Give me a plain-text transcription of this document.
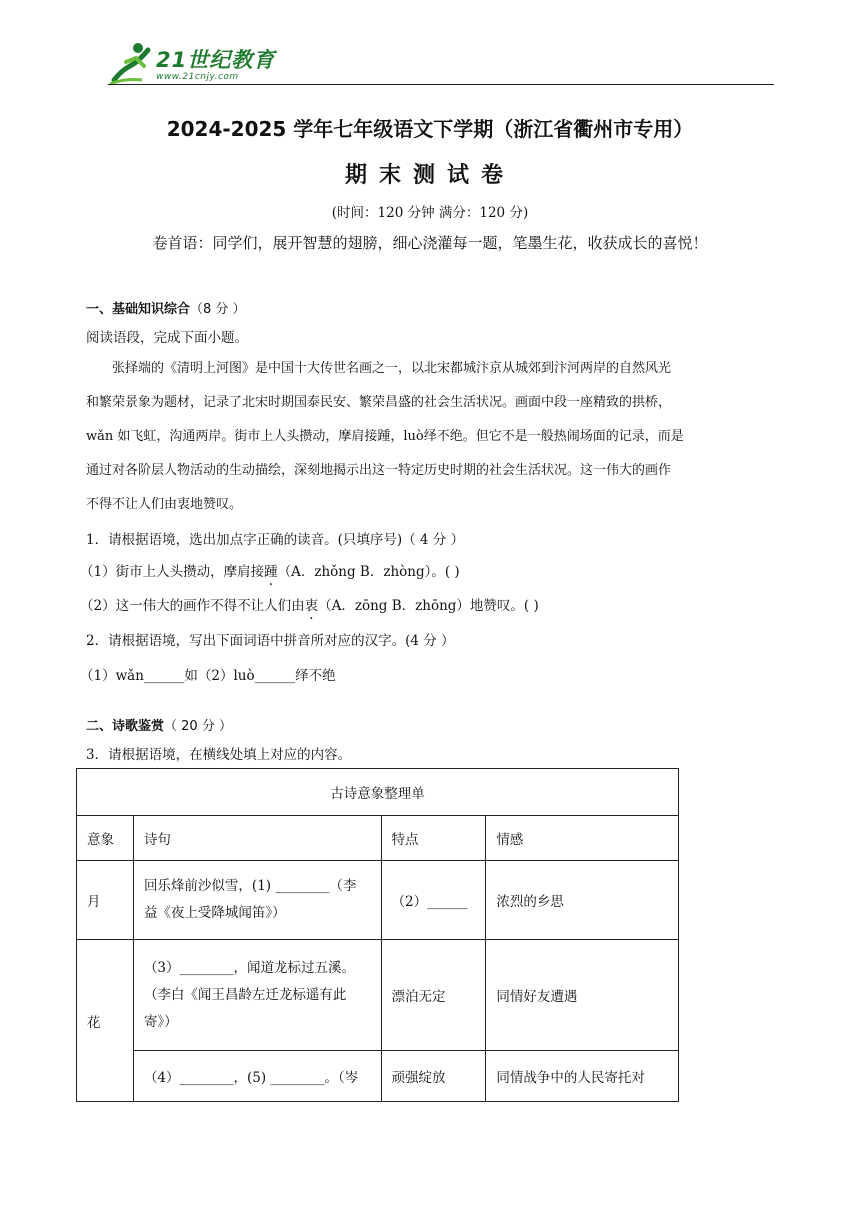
21世纪教育
www.21cnjy.com
2024-2025 学年七年级语文下学期（浙江省衢州市专用）
期末测试卷
(时间：120 分钟 满分：120 分)
卷首语：同学们，展开智慧的翅膀，细心浇灌每一题，笔墨生花，收获成长的喜悦！
一、基础知识综合（8 分 ）
阅读语段，完成下面小题。
张择端的《清明上河图》是中国十大传世名画之一，以北宋都城汴京从城郊到汴河两岸的自然风光
和繁荣景象为题材，记录了北宋时期国泰民安、繁荣昌盛的社会生活状况。画面中段一座精致的拱桥，
wǎn 如飞虹，沟通两岸。街市上人头攒动，摩肩接踵，luò绎不绝。但它不是一般热闹场面的记录，而是
通过对各阶层人物活动的生动描绘，深刻地揭示出这一特定历史时期的社会生活状况。这一伟大的画作
不得不让人们由衷地赞叹。
1．请根据语境，选出加点字正确的读音。(只填序号)（ 4 分 ）
（1）街市上人头攒动，摩肩接踵（A．zhǒng B．zhòng）。( )
（2）这一伟大的画作不得不让人们由衷（A．zōng B．zhōng）地赞叹。( )
2．请根据语境，写出下面词语中拼音所对应的汉字。(4 分 ）
（1）wǎn______如（2）luò______绎不绝
二、诗歌鉴赏（ 20 分 ）
3．请根据语境，在横线处填上对应的内容。
古诗意象整理单			
意象	诗句	特点	情感
月	回乐烽前沙似雪，(1) ________（李
益《夜上受降城闻笛》）	（2）______	浓烈的乡思
花	（3）________，闻道龙标过五溪。
（李白《闻王昌龄左迁龙标遥有此
寄》）	漂泊无定	同情好友遭遇
	（4）________，(5) ________。（岑	顽强绽放	同情战争中的人民寄托对
